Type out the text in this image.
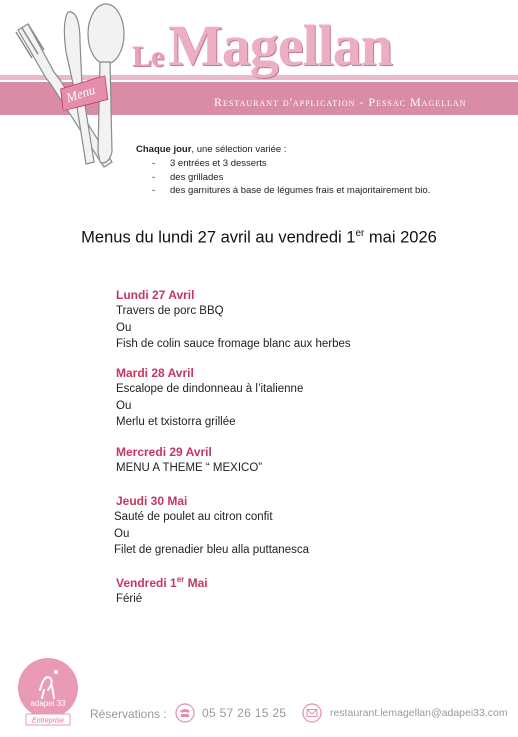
Menu
Le Magellan
Restaurant d'application - Pessac Magellan
Chaque jour, une sélection variée :
- 3 entrées et 3 desserts
- des grillades
- des garnitures à base de légumes frais et majoritairement bio.
Menus du lundi 27 avril au vendredi 1er mai 2026
Lundi 27 Avril
Travers de porc BBQ
Ou
Fish de colin sauce fromage blanc aux herbes
Mardi 28 Avril
Escalope de dindonneau à l’italienne
Ou
Merlu et txistorra grillée
Mercredi 29 Avril
MENU A THEME “ MEXICO”
Jeudi 30 Mai
Sauté de poulet au citron confit
Ou
Filet de grenadier bleu alla puttanesca
Vendredi 1er Mai
Férié
adapei 33
Entreprise Réservations :	05 57 26 15 25	restaurant.lemagellan@adapei33.com
